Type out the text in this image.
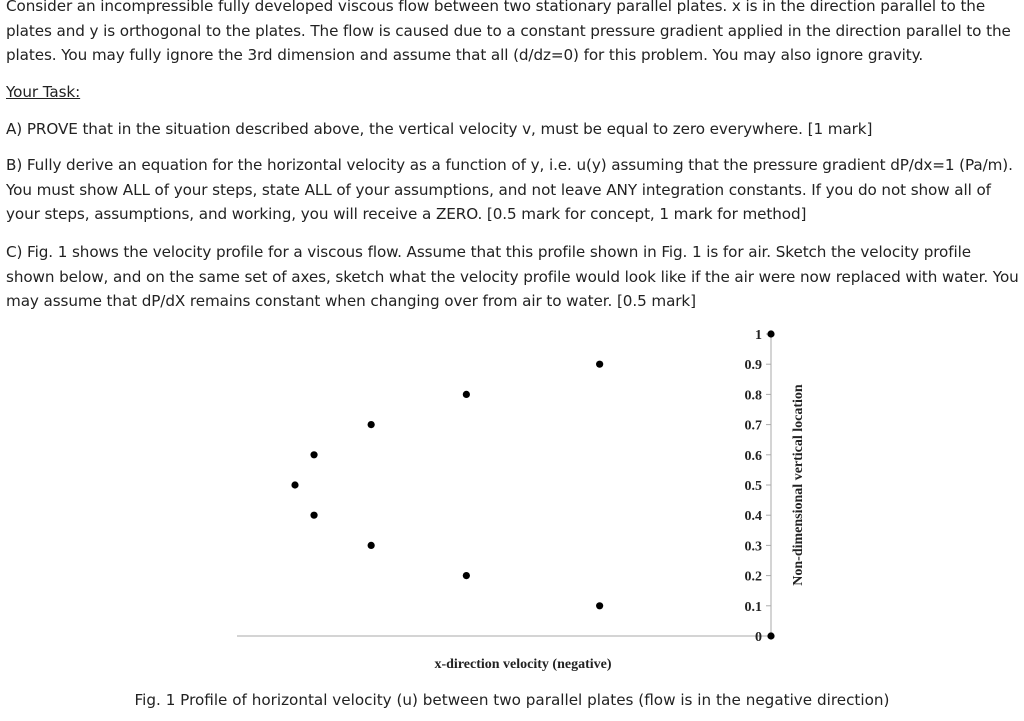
Consider an incompressible fully developed viscous flow between two stationary parallel plates. x is in the direction parallel to the plates and y is orthogonal to the plates. The flow is caused due to a constant pressure gradient applied in the direction parallel to the plates. You may fully ignore the 3rd dimension and assume that all (d/dz=0) for this problem. You may also ignore gravity.

Your Task:

A) PROVE that in the situation described above, the vertical velocity v, must be equal to zero everywhere. [1 mark]

B) Fully derive an equation for the horizontal velocity as a function of y, i.e. u(y) assuming that the pressure gradient dP/dx=1 (Pa/m). You must show ALL of your steps, state ALL of your assumptions, and not leave ANY integration constants. If you do not show all of your steps, assumptions, and working, you will receive a ZERO. [0.5 mark for concept, 1 mark for method]

C) Fig. 1 shows the velocity profile for a viscous flow. Assume that this profile shown in Fig. 1 is for air. Sketch the velocity profile shown below, and on the same set of axes, sketch what the velocity profile would look like if the air were now replaced with water. You may assume that dP/dX remains constant when changing over from air to water. [0.5 mark]

0
0.1
0.2
0.3
0.4
0.5
0.6
0.7
0.8
0.9
1
Non-dimensional vertical location
x-direction velocity (negative)

Fig. 1 Profile of horizontal velocity (u) between two parallel plates (flow is in the negative direction)
